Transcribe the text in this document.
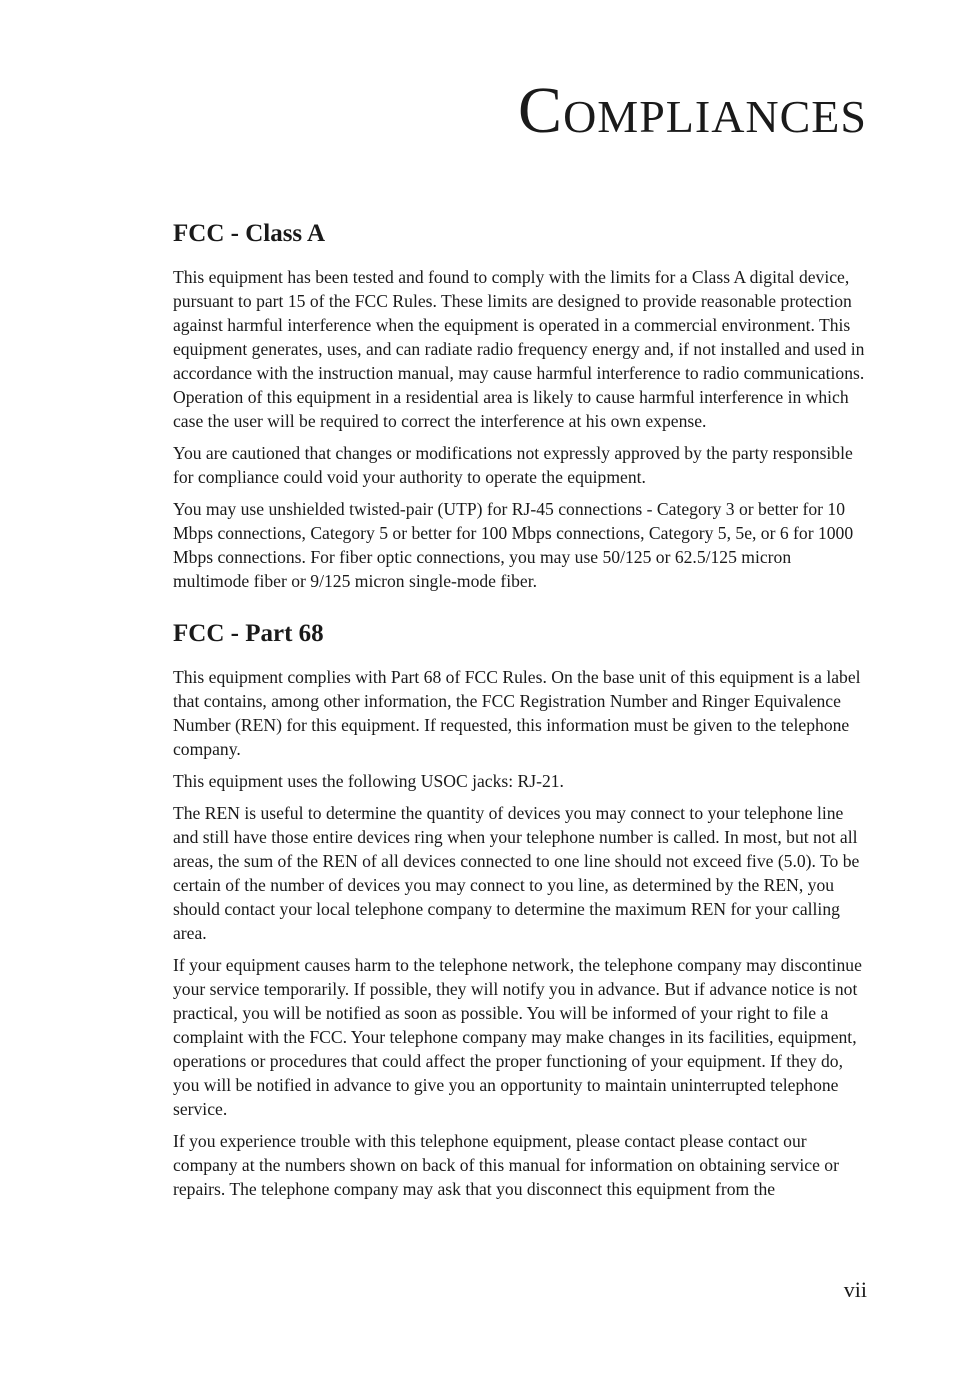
Compliances
FCC - Class A

This equipment has been tested and found to comply with the limits for a Class A digital device, pursuant to part 15 of the FCC Rules. These limits are designed to provide reasonable protection against harmful interference when the equipment is operated in a commercial environment. This equipment generates, uses, and can radiate radio frequency energy and, if not installed and used in accordance with the instruction manual, may cause harmful interference to radio communications. Operation of this equipment in a residential area is likely to cause harmful interference in which case the user will be required to correct the interference at his own expense.

You are cautioned that changes or modifications not expressly approved by the party responsible for compliance could void your authority to operate the equipment.

You may use unshielded twisted-pair (UTP) for RJ-45 connections - Category 3 or better for 10 Mbps connections, Category 5 or better for 100 Mbps connections, Category 5, 5e, or 6 for 1000 Mbps connections. For fiber optic connections, you may use 50/125 or 62.5/125 micron multimode fiber or 9/125 micron single-mode fiber.

FCC - Part 68

This equipment complies with Part 68 of FCC Rules. On the base unit of this equipment is a label that contains, among other information, the FCC Registration Number and Ringer Equivalence Number (REN) for this equipment. If requested, this information must be given to the telephone company.

This equipment uses the following USOC jacks: RJ-21.

The REN is useful to determine the quantity of devices you may connect to your telephone line and still have those entire devices ring when your telephone number is called. In most, but not all areas, the sum of the REN of all devices connected to one line should not exceed five (5.0). To be certain of the number of devices you may connect to you line, as determined by the REN, you should contact your local telephone company to determine the maximum REN for your calling area.

If your equipment causes harm to the telephone network, the telephone company may discontinue your service temporarily. If possible, they will notify you in advance. But if advance notice is not practical, you will be notified as soon as possible. You will be informed of your right to file a complaint with the FCC. Your telephone company may make changes in its facilities, equipment, operations or procedures that could affect the proper functioning of your equipment. If they do, you will be notified in advance to give you an opportunity to maintain uninterrupted telephone service.

If you experience trouble with this telephone equipment, please contact please contact our company at the numbers shown on back of this manual for information on obtaining service or repairs. The telephone company may ask that you disconnect this equipment from the

vii
